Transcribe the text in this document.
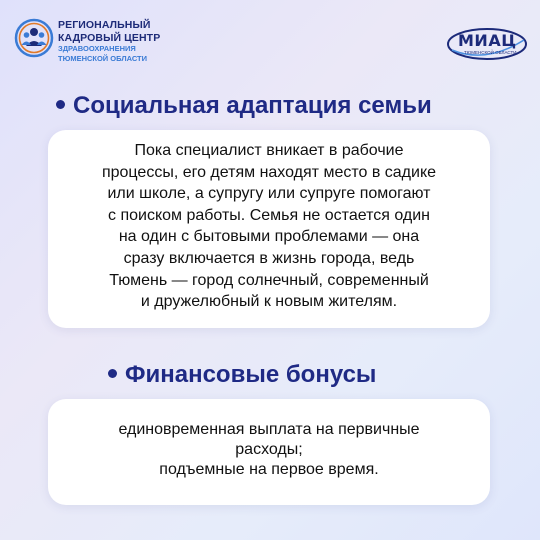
РЕГИОНАЛЬНЫЙ
КАДРОВЫЙ ЦЕНТР
ЗДРАВООХРАНЕНИЯ
ТЮМЕНСКОЙ ОБЛАСТИ
МИАЦ
ТЮМЕНСКОЙ ОБЛАСТИ
Социальная адаптация семьи

Пока специалист вникает в рабочие
процессы, его детям находят место в садике
или школе, а супругу или супруге помогают
с поиском работы. Семья не остается один
на один с бытовыми проблемами — она
сразу включается в жизнь города, ведь
Тюмень — город солнечный, современный
и дружелюбный к новым жителям.

Финансовые бонусы

единовременная выплата на первичные
расходы;
подъемные на первое время.
